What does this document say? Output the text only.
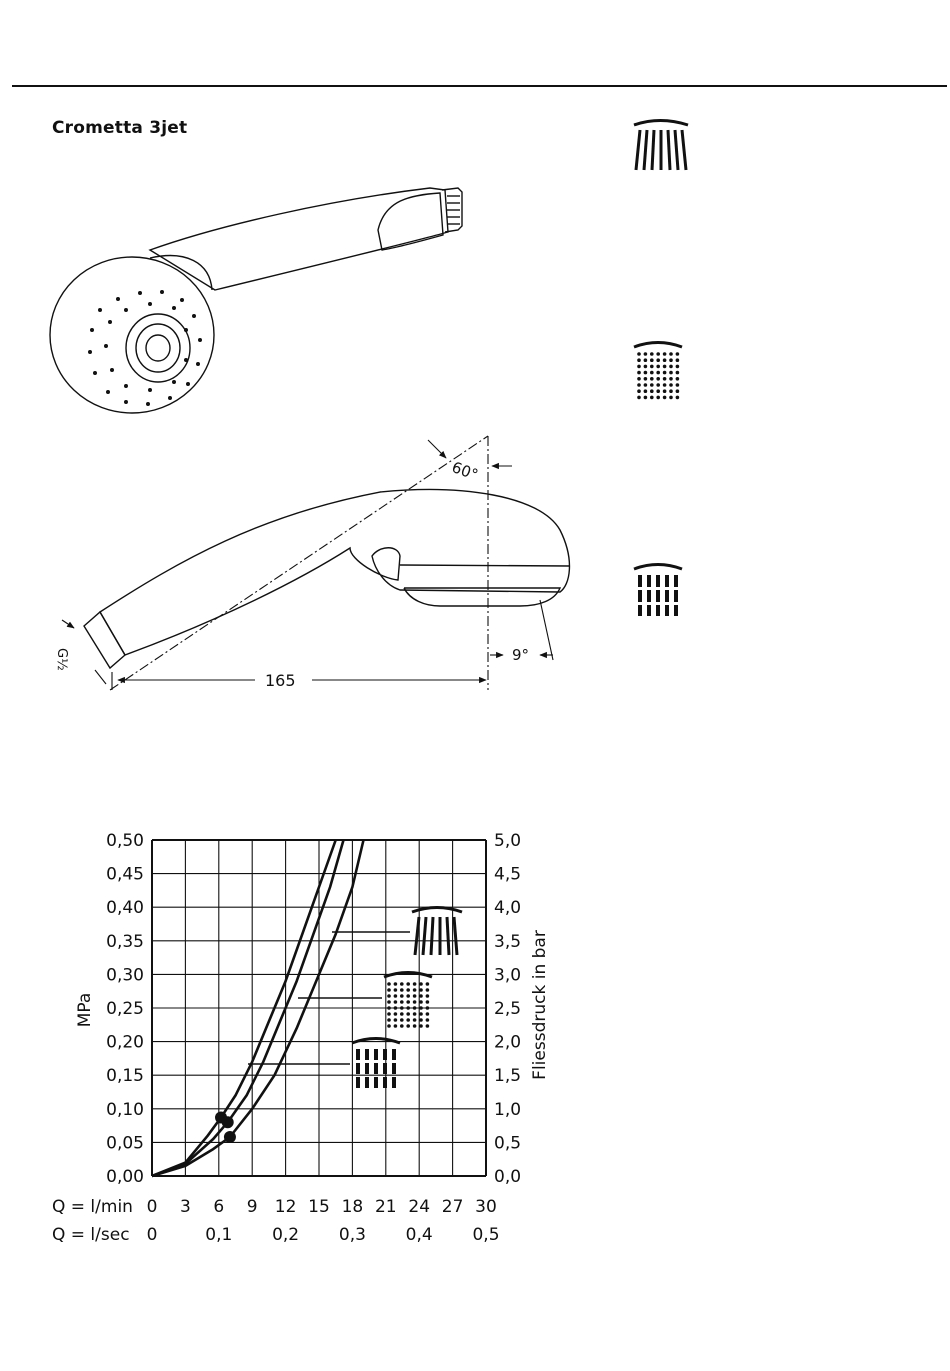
Crometta 3jet
165
60°
9°
G½
0,00
0,05
0,10
0,15
0,20
0,25
0,30
0,35
0,40
0,45
0,50
0,0
0,5
1,0
1,5
2,0
2,5
3,0
3,5
4,0
4,5
5,0
0 3 6 9 12 15 18 21 24 27 30
0	0,1 0,2 0,3 0,4 0,5
MPa	Fliessdruck in bar
Q = l/min
Q = l/sec
